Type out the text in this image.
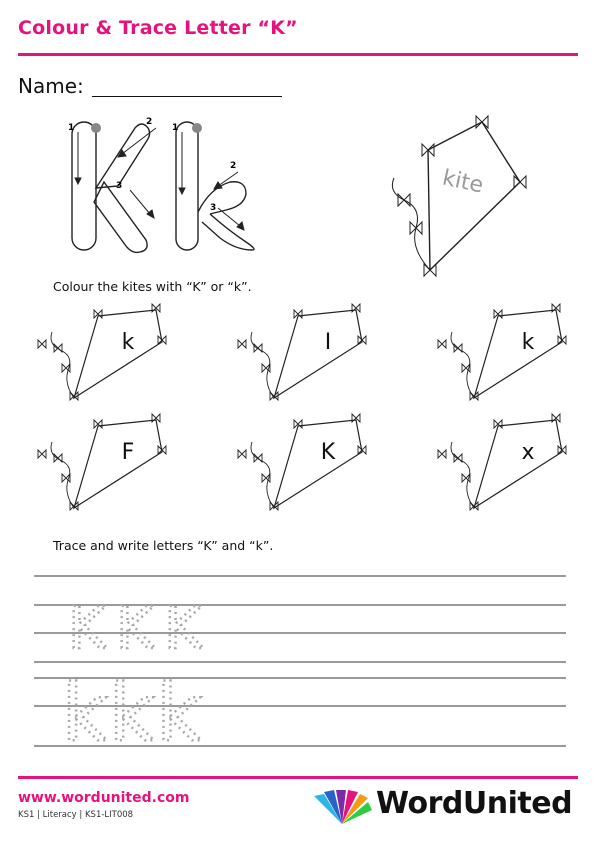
Colour & Trace Letter “K”
Name:
1
2
3
1
2
3
kite
Colour the kites with “K” or “k”.
k	I	k
F	K	x
Trace and write letters “K” and “k”.
KKK
kkk
www.wordunited.com
KS1 | Literacy | KS1-LIT008	WordUnited
